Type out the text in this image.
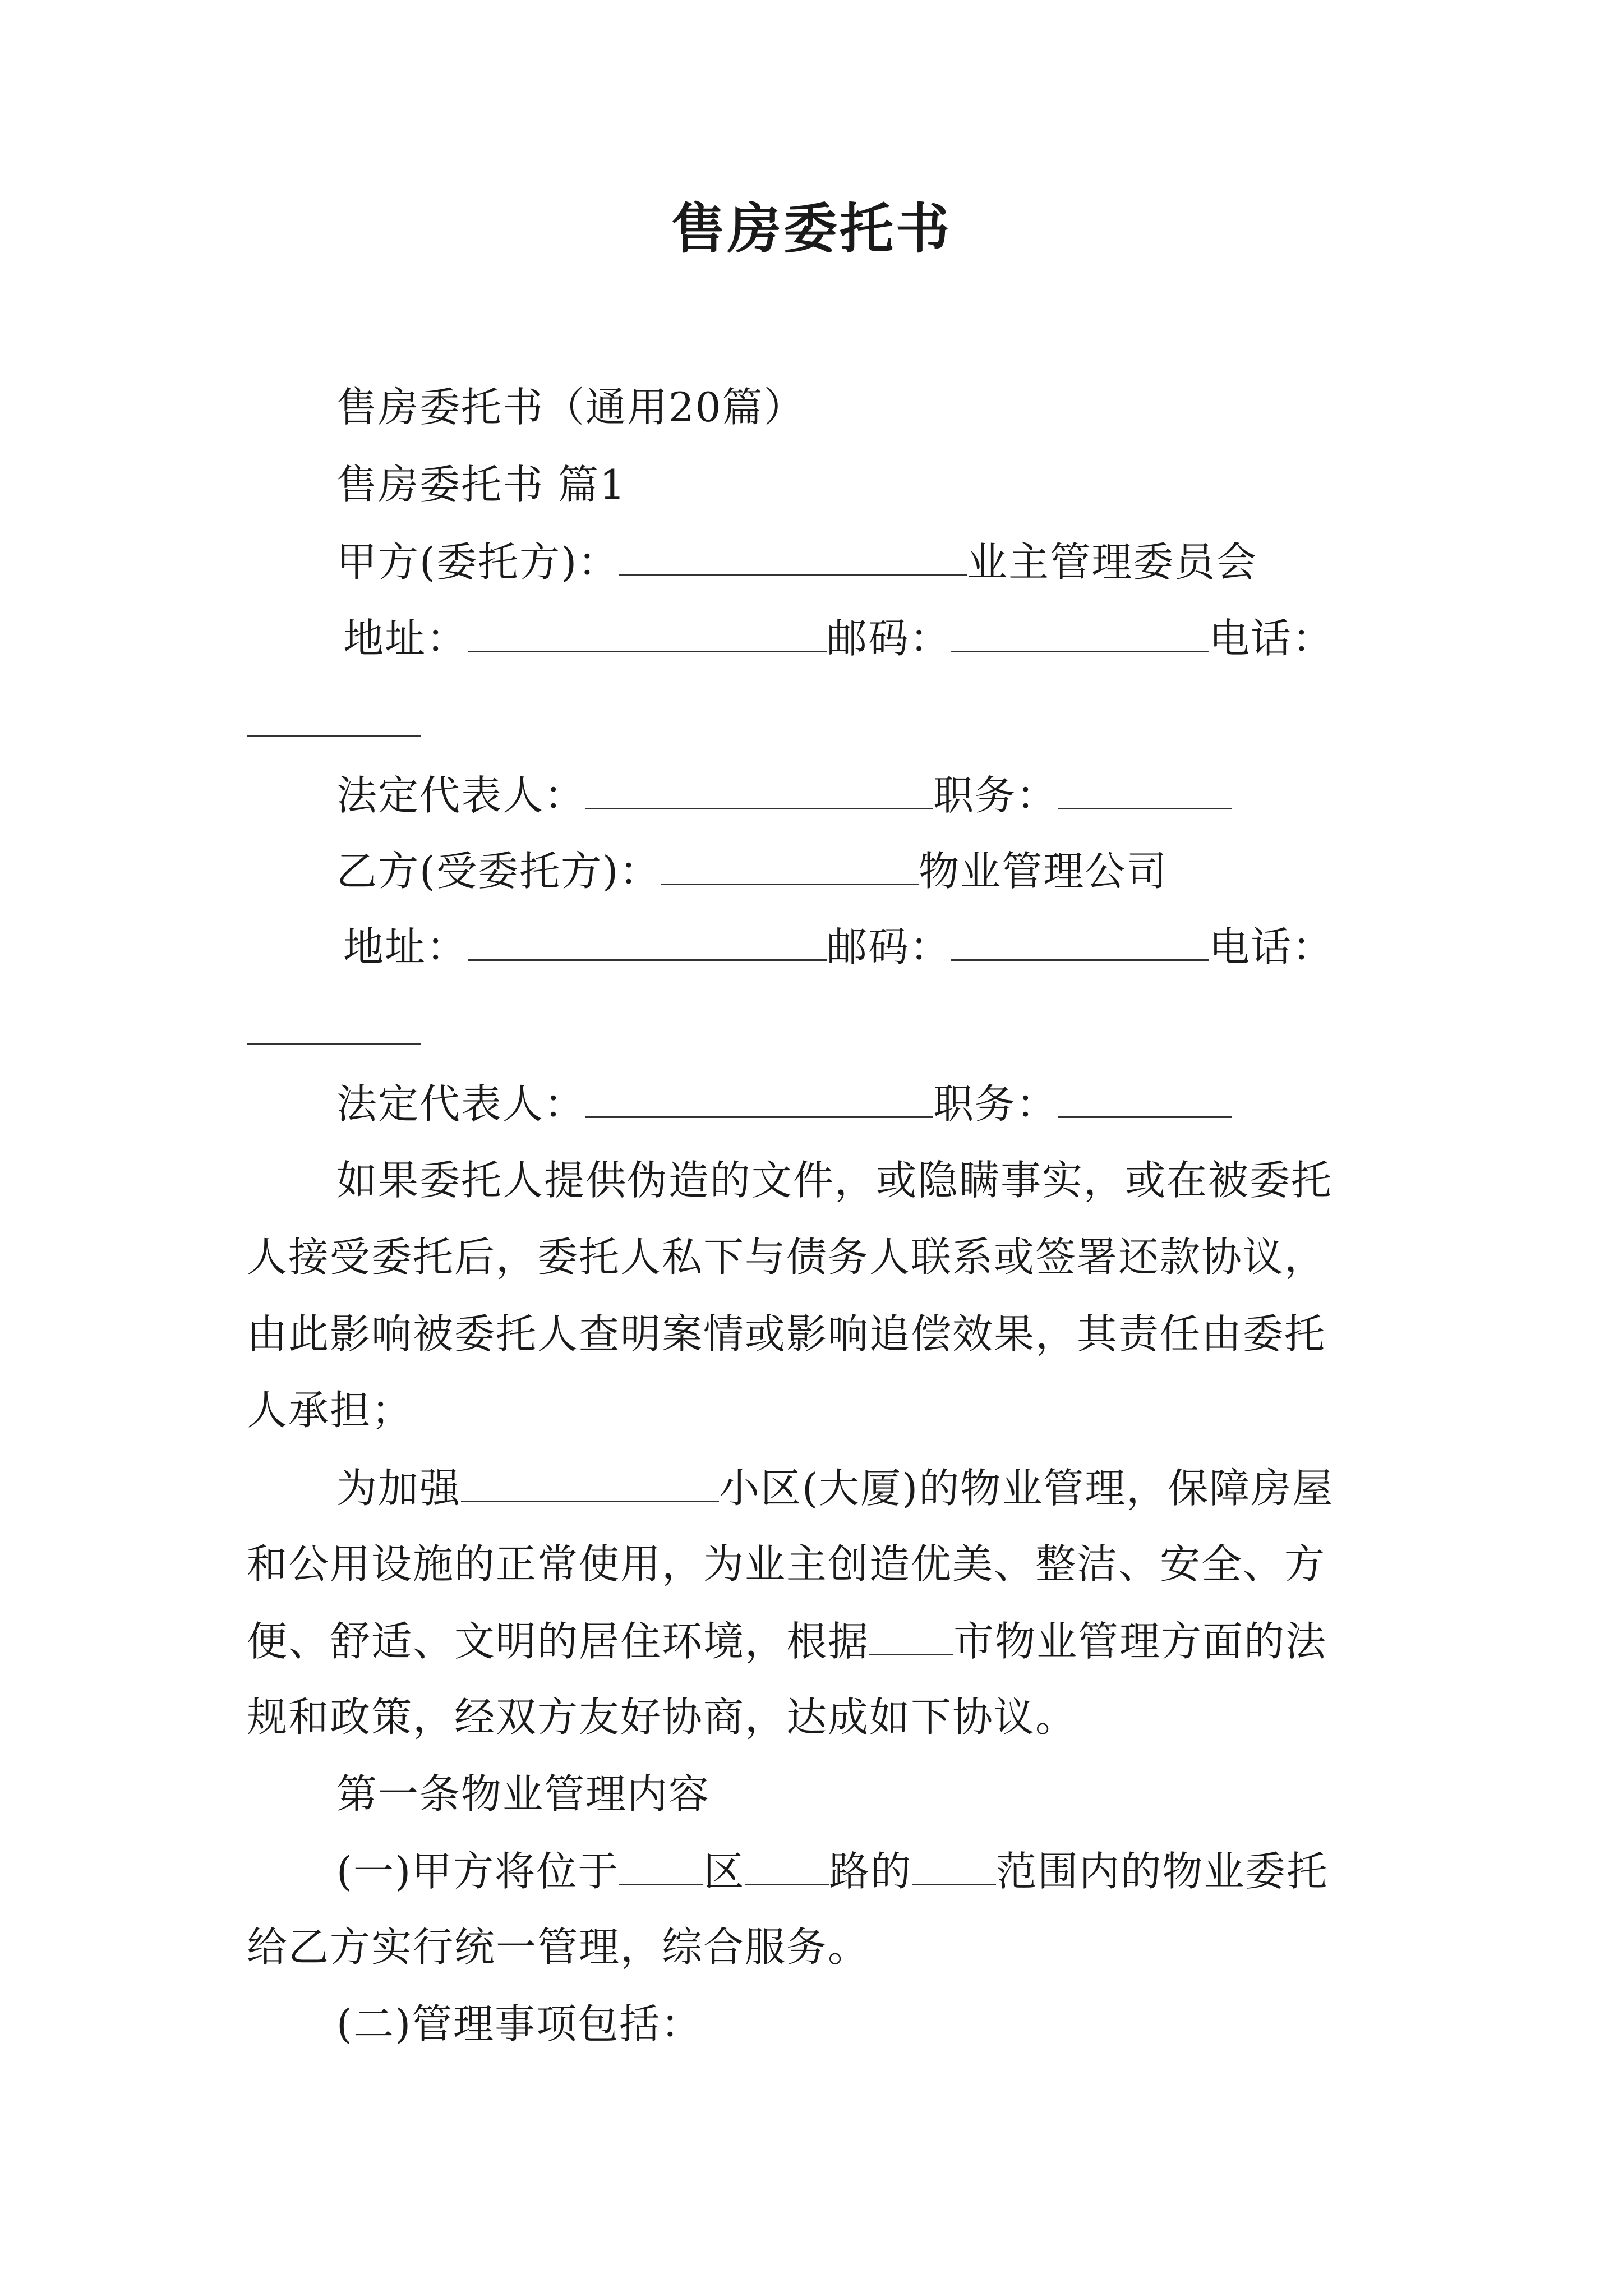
售房委托书
售房委托书（通用20篇）
售房委托书 篇1
甲方(委托方)：	业主管理委员会
地址：	邮码：	电话：
法定代表人：	职务：
乙方(受委托方)：	物业管理公司
地址：	邮码：	电话：
法定代表人：	职务：
如果委托人提供伪造的文件，或隐瞒事实，或在被委托
人接受委托后，委托人私下与债务人联系或签署还款协议，
由此影响被委托人查明案情或影响追偿效果，其责任由委托
人承担；
为加强	小区(大厦)的物业管理，保障房屋
和公用设施的正常使用，为业主创造优美、整洁、安全、方
便、舒适、文明的居住环境，根据 市物业管理方面的法
规和政策，经双方友好协商，达成如下协议。
第一条物业管理内容
(一)甲方将位于 区 路的 范围内的物业委托
给乙方实行统一管理，综合服务。
(二)管理事项包括：
